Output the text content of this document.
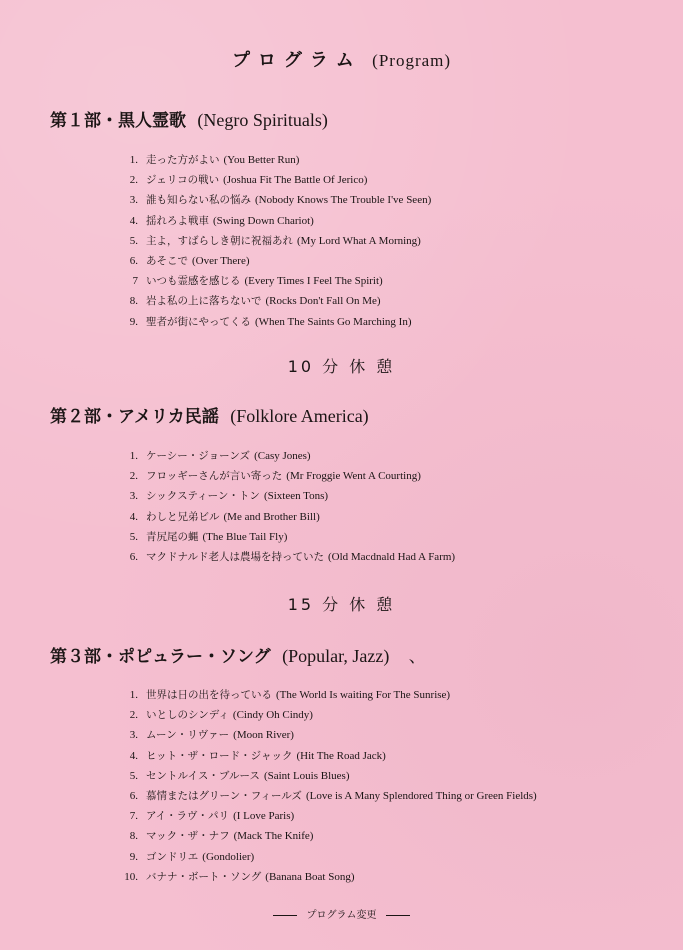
プログラム (Program)
第１部・黒人霊歌 (Negro Spirituals)
1. 走った方がよい (You Better Run)
2. ジェリコの戦い (Joshua Fit The Battle Of Jerico)
3. 誰も知らない私の悩み (Nobody Knows The Trouble I've Seen)
4. 揺れろよ戦車 (Swing Down Chariot)
5. 主よ，すばらしき朝に祝福あれ (My Lord What A Morning)
6. あそこで (Over There)
7 いつも霊感を感じる (Every Times I Feel The Spirit)
8. 岩よ私の上に落ちないで (Rocks Don't Fall On Me)
9. 聖者が街にやってくる (When The Saints Go Marching In)
10 分 休 憩
第２部・アメリカ民謡 (Folklore America)
1. ケーシー・ジョーンズ (Casy Jones)
2. フロッギーさんが言い寄った (Mr Froggie Went A Courting)
3. シックスティーン・トン (Sixteen Tons)
4. わしと兄弟ビル (Me and Brother Bill)
5. 青尻尾の蝿 (The Blue Tail Fly)
6. マクドナルド老人は農場を持っていた (Old Macdnald Had A Farm)
15 分 休 憩
第３部・ポピュラー・ソング (Popular, Jazz) 、
1. 世界は日の出を待っている (The World Is waiting For The Sunrise)
2. いとしのシンディ (Cindy Oh Cindy)
3. ムーン・リヴァー (Moon River)
4. ヒット・ザ・ロード・ジャック (Hit The Road Jack)
5. セントルイス・ブルース (Saint Louis Blues)
6. 慕情またはグリーン・フィールズ (Love is A Many Splendored Thing or Green Fields)
7. アイ・ラヴ・パリ (I Love Paris)
8. マック・ザ・ナフ (Mack The Knife)
9. ゴンドリエ (Gondolier)
10. バナナ・ボート・ソング (Banana Boat Song)
プログラム変更
